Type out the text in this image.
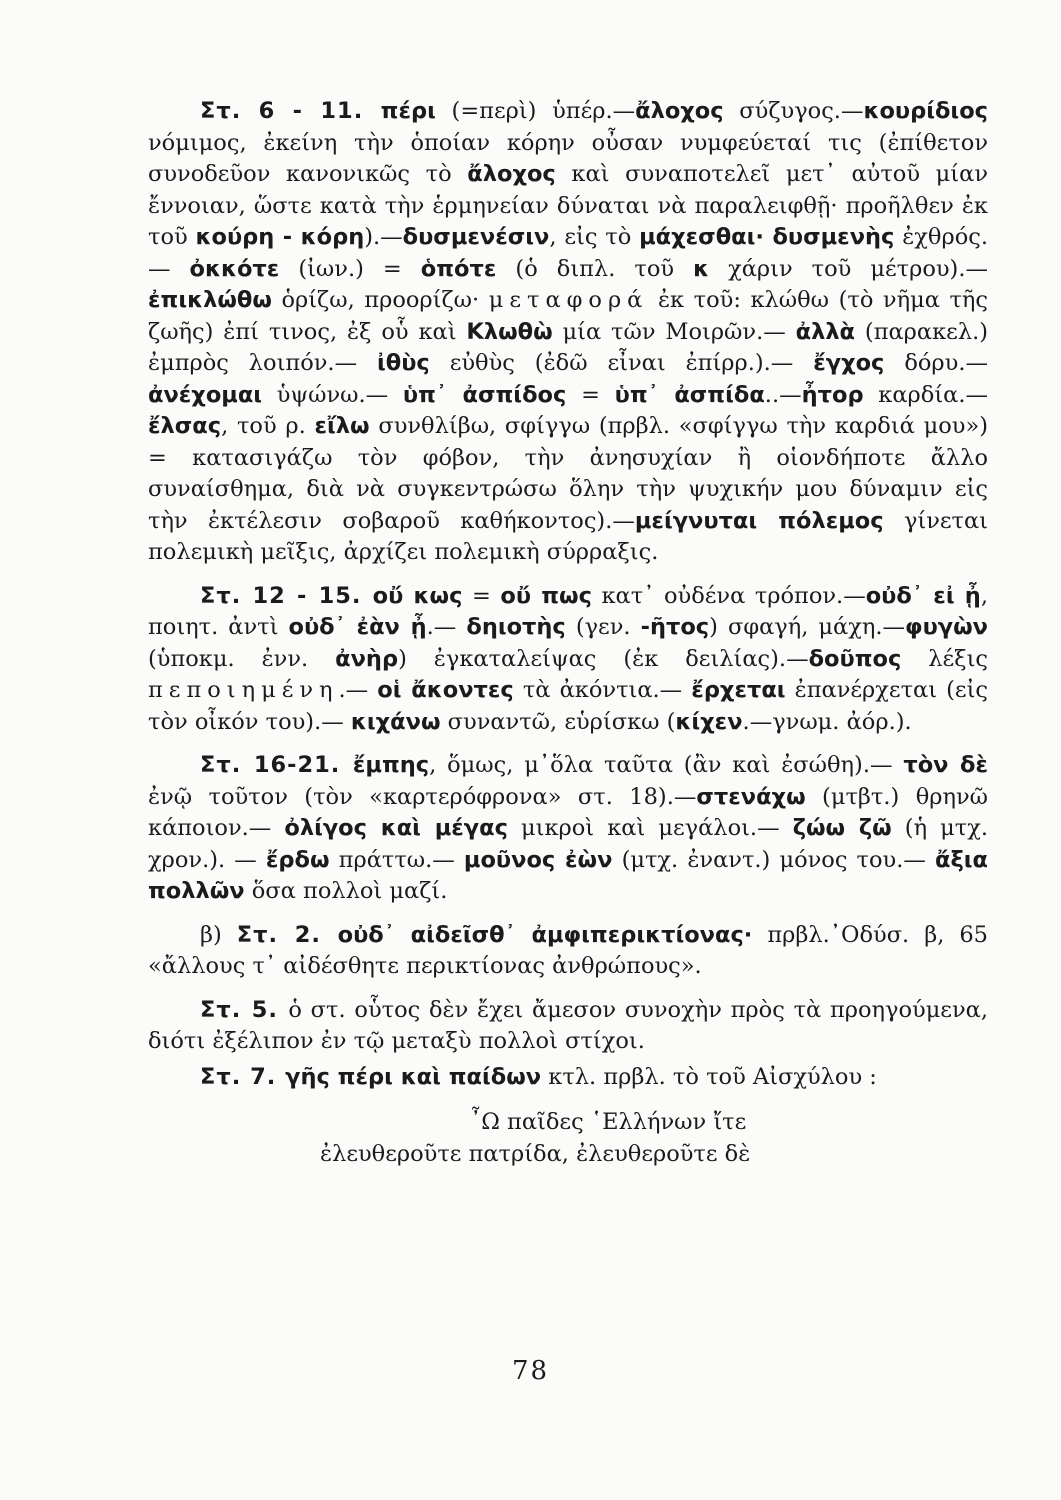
Στ. 6 - 11. πέρι (=περὶ) ὑπέρ.—ἄλοχος σύζυγος.—κουρίδιος νόμιμος, ἐκείνη τὴν ὁποίαν κόρην οὖσαν νυμφεύεταί τις (ἐπίθετον συνοδεῦον κανονικῶς τὸ ἄλοχος καὶ συναποτελεῖ μετ᾽ αὐτοῦ μίαν ἔννοιαν, ὥστε κατὰ τὴν ἑρμηνείαν δύναται νὰ παραλειφθῇ· προῆλθεν ἐκ τοῦ κούρη - κόρη).—δυσμενέσιν, εἰς τὸ μάχεσθαι· δυσμενὴς ἐχθρός.— ὀκκότε (ἰων.) = ὁπότε (ὁ διπλ. τοῦ κ χάριν τοῦ μέτρου).— ἐπικλώθω ὁρίζω, προορίζω· μεταφορά ἐκ τοῦ: κλώθω (τὸ νῆμα τῆς ζωῆς) ἐπί τινος, ἐξ οὗ καὶ Κλωθὼ μία τῶν Μοιρῶν.— ἀλλὰ (παρακελ.) ἐμπρὸς λοιπόν.— ἰθὺς εὐθὺς (ἐδῶ εἶναι ἐπίρρ.).— ἔγχος δόρυ.— ἀνέχομαι ὑψώνω.— ὑπ᾽ ἀσπίδος = ὑπ᾽ ἀσπίδα..—ἦτορ καρδία.— ἔλσας, τοῦ ρ. εἴλω συνθλίβω, σφίγγω (πρβλ. «σφίγγω τὴν καρδιά μου») = κατασιγάζω τὸν φόβον, τὴν ἀνησυχίαν ἢ οἱονδήποτε ἄλλο συναίσθημα, διὰ νὰ συγκεντρώσω ὅλην τὴν ψυχικήν μου δύναμιν εἰς τὴν ἐκτέλεσιν σοβαροῦ καθήκοντος).—μείγνυται πόλεμος γίνεται πολεμικὴ μεῖξις, ἀρχίζει πολεμικὴ σύρραξις.

Στ. 12 - 15. οὔ κως = οὔ πως κατ᾽ οὐδένα τρόπον.—οὐδ᾽ εἰ ᾖ, ποιητ. ἀντὶ οὐδ᾽ ἐὰν ᾖ.— δηιοτὴς (γεν. -ῆτος) σφαγή, μάχη.—φυγὼν (ὑποκμ. ἐνν. ἀνὴρ) ἐγκαταλείψας (ἐκ δειλίας).—δοῦπος λέξις πεποιημένη.— οἱ ἄκοντες τὰ ἀκόντια.— ἔρχεται ἐπανέρχεται (εἰς τὸν οἶκόν του).— κιχάνω συναντῶ, εὑρίσκω (κίχεν.—γνωμ. ἀόρ.).

Στ. 16-21. ἔμπης, ὅμως, μ᾽ὅλα ταῦτα (ἂν καὶ ἐσώθη).— τὸν δὲ ἐνῷ τοῦτον (τὸν «καρτερόφρονα» στ. 18).—στενάχω (μτβτ.) θρηνῶ κάποιον.— ὀλίγος καὶ μέγας μικροὶ καὶ μεγάλοι.— ζώω ζῶ (ἡ μτχ. χρον.). — ἔρδω πράττω.— μοῦνος ἐὼν (μτχ. ἐναντ.) μόνος του.— ἄξια πολλῶν ὅσα πολλοὶ μαζί.

β) Στ. 2. οὐδ᾽ αἰδεῖσθ᾽ ἀμφιπερικτίονας· πρβλ.᾽Οδύσ. β, 65 «ἄλλους τ᾽ αἰδέσθητε περικτίονας ἀνθρώπους».

Στ. 5. ὁ στ. οὗτος δὲν ἔχει ἄμεσον συνοχὴν πρὸς τὰ προηγούμενα, διότι ἐξέλιπον ἐν τῷ μεταξὺ πολλοὶ στίχοι.

Στ. 7. γῆς πέρι καὶ παίδων κτλ. πρβλ. τὸ τοῦ Αἰσχύλου :

῏Ω παῖδες ῾Ελλήνων ἴτε
ἐλευθεροῦτε πατρίδα, ἐλευθεροῦτε δὲ
78
